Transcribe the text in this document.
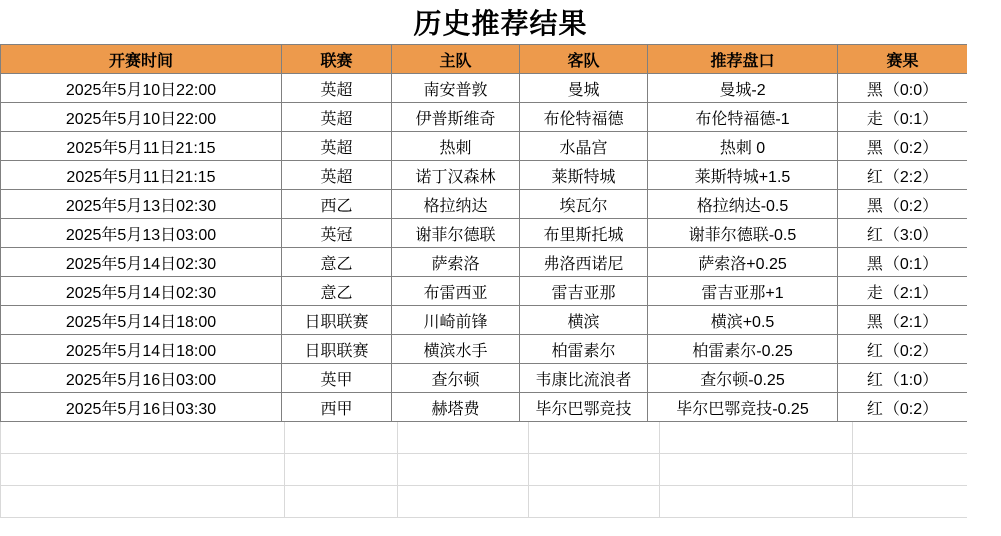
历史推荐结果
开赛时间	联赛	主队	客队	推荐盘口	赛果
2025年5月10日22:00	英超	南安普敦	曼城	曼城-2	黑（0:0）
2025年5月10日22:00	英超	伊普斯维奇	布伦特福德	布伦特福德-1	走（0:1）
2025年5月11日21:15	英超	热刺	水晶宫	热刺 0	黑（0:2）
2025年5月11日21:15	英超	诺丁汉森林	莱斯特城	莱斯特城+1.5	红（2:2）
2025年5月13日02:30	西乙	格拉纳达	埃瓦尔	格拉纳达-0.5	黑（0:2）
2025年5月13日03:00	英冠	谢菲尔德联	布里斯托城	谢菲尔德联-0.5	红（3:0）
2025年5月14日02:30	意乙	萨索洛	弗洛西诺尼	萨索洛+0.25	黑（0:1）
2025年5月14日02:30	意乙	布雷西亚	雷吉亚那	雷吉亚那+1	走（2:1）
2025年5月14日18:00	日职联赛	川崎前锋	横滨	横滨+0.5	黑（2:1）
2025年5月14日18:00	日职联赛	横滨水手	柏雷素尔	柏雷素尔-0.25	红（0:2）
2025年5月16日03:00	英甲	查尔顿	韦康比流浪者	查尔顿-0.25	红（1:0）
2025年5月16日03:30	西甲	赫塔费	毕尔巴鄂竞技	毕尔巴鄂竞技-0.25	红（0:2）
